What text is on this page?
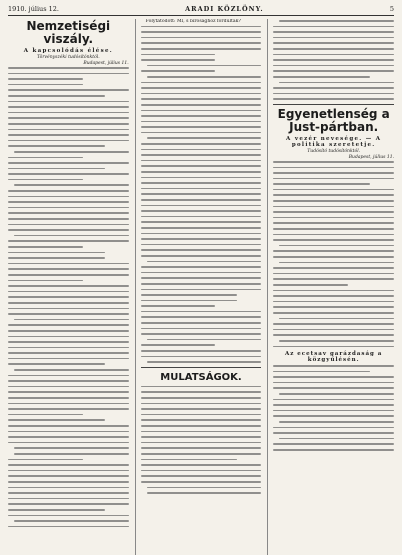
1910. július 12.	ARADI KÖZLÖNY.	5
Nemzetiségi viszály.
A kapcsolódás élése.
Törvényszéki tudósítónktól.
Budapest, július 11.
Folytatódott: Ml, s bírósághoz fordultak?
MULATSÁGOK.
Egyenetlenség a Just-pártban.
A vezér nevesége. — A politika szeretetje.
Tudósító tudósítónktól.
Budapest, július 11.
Az ecetsav garázdaság a közgyűlésén.
